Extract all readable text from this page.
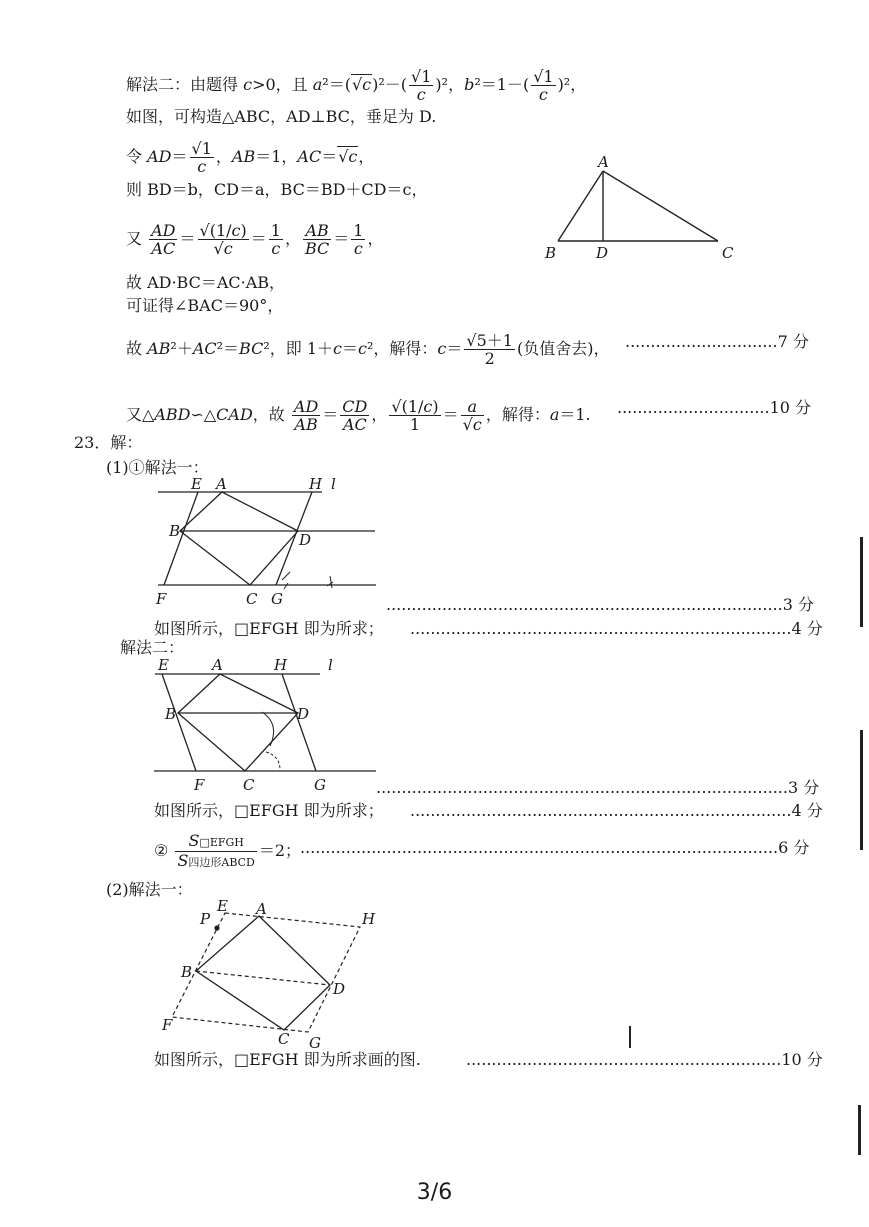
解法二：由题得 c>0，且 $a^2=(√c)^2-( \frac{√1}{c} )^2$，$b^2=1-( \frac{√1}{c} )^2$，
如图，可构造△ABC，AD⊥BC，垂足为 D.
令 $AD= \frac{√1}{c}$ ，AB＝1，AC＝√c，
则 BD＝b，CD＝a，BC＝BD＋CD＝c，
又 $\frac{AD}{AC} = \frac{√(1/c)}{√c} = \frac{1}{c}$ ， $\frac{AB}{BC} = \frac{1}{c}$ ，
故 AD·BC＝AC·AB，
可证得∠BAC＝90°，
故 AB²＋AC²＝BC²，即 1＋c＝c²，解得：$c= \frac{√5+1}{2}$ (负值舍去)， ..............................7 分
又△ABD∽△CAD，故 $\frac{AD}{AB} = \frac{CD}{AC}$ ， $\frac{√(1/c)}{1} = \frac{a}{√c}$ ，解得：a＝1. ..............................10 分
A
B	D	C
23．解：
(1)①解法一：
E A	H l
B	D
F	C G	..............................................................................3 分
如图所示，□EFGH 即为所求； ...........................................................................4 分
解法二：
E	A	H	l
B	D
F	C	G	.................................................................................3 分
如图所示，□EFGH 即为所求； ...........................................................................4 分
② $\frac{\text{S□EFGH}}{\text{S四边形ABCD}} =2$；
..............................................................................................6 分
(2)解法一：
P
E A
H
B
D
F
C G
如图所示，□EFGH 即为所求画的图.	..............................................................10 分
3/6
